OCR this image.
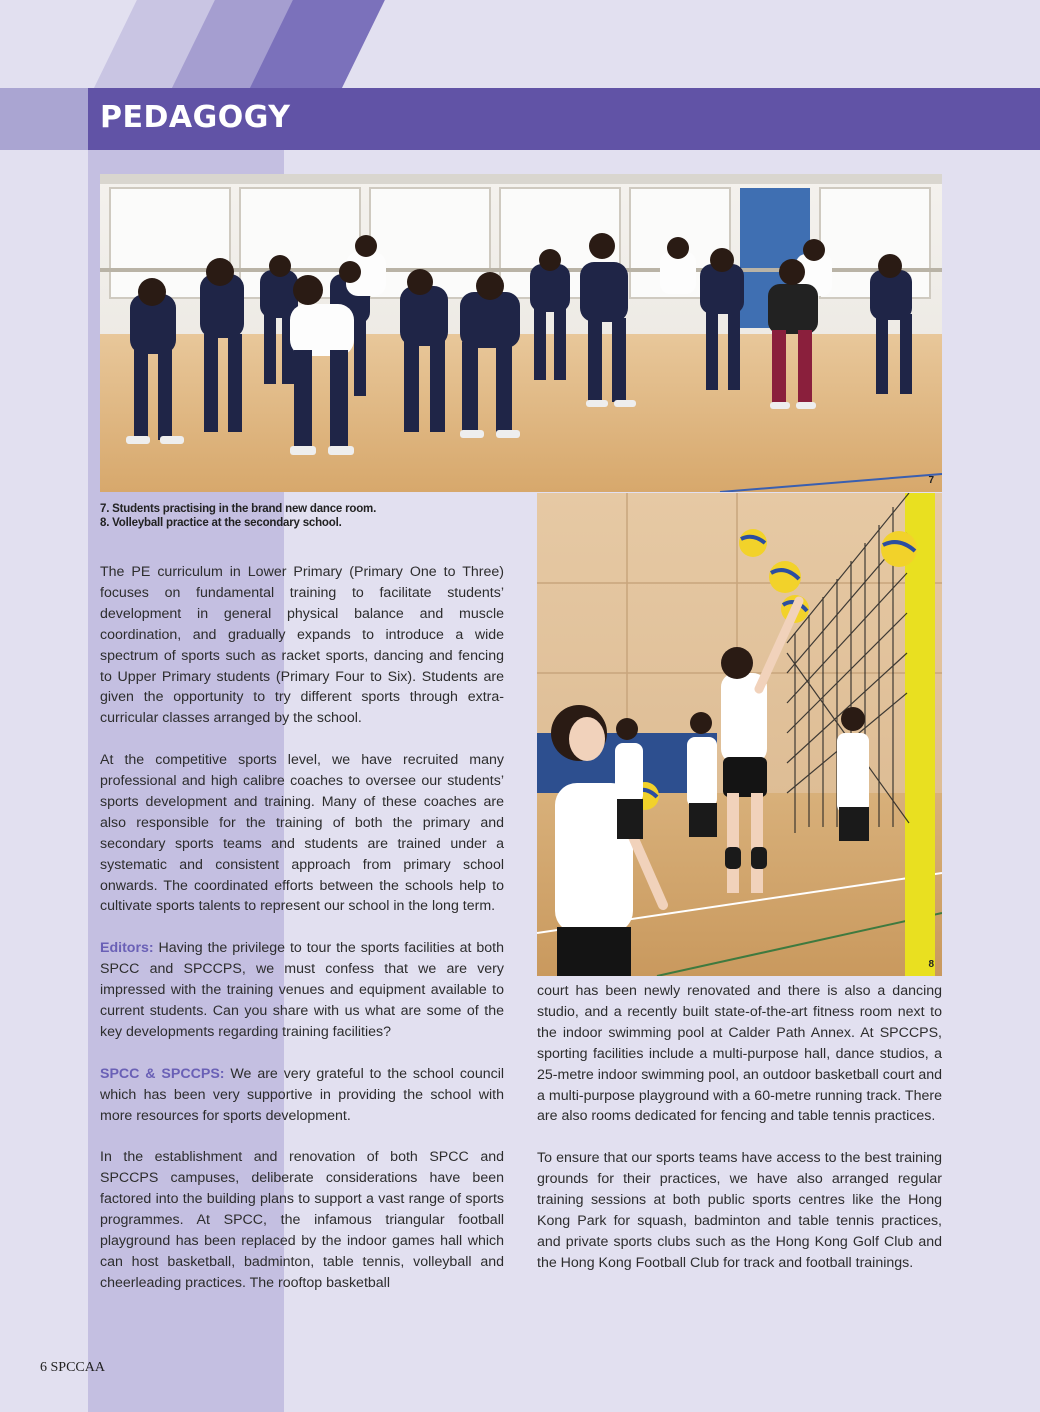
PEDAGOGY
7
8
7. Students practising in the brand new dance room.
8. Volleyball practice at the secondary school.

The PE curriculum in Lower Primary (Primary One to Three) focuses on fundamental training to facilitate students’ development in general physical balance and muscle coordination, and gradually expands to introduce a wide spectrum of sports such as racket sports, dancing and fencing to Upper Primary students (Primary Four to Six). Students are given the opportunity to try different sports through extra-curricular classes arranged by the school.

At the competitive sports level, we have recruited many professional and high calibre coaches to oversee our students’ sports development and training. Many of these coaches are also responsible for the training of both the primary and secondary sports teams and students are trained under a systematic and consistent approach from primary school onwards. The coordinated efforts between the schools help to cultivate sports talents to represent our school in the long term.

Editors: Having the privilege to tour the sports facilities at both SPCC and SPCCPS, we must confess that we are very impressed with the training venues and equipment available to current students. Can you share with us what are some of the key developments regarding training facilities?

SPCC & SPCCPS: We are very grateful to the school council which has been very supportive in providing the school with more resources for sports development.

In the establishment and renovation of both SPCC and SPCCPS campuses, deliberate considerations have been factored into the building plans to support a vast range of sports programmes. At SPCC, the infamous triangular football playground has been replaced by the indoor games hall which can host basketball, badminton, table tennis, volleyball and cheerleading practices. The rooftop basketball

court has been newly renovated and there is also a dancing studio, and a recently built state-of-the-art fitness room next to the indoor swimming pool at Calder Path Annex. At SPCCPS, sporting facilities include a multi-purpose hall, dance studios, a 25-metre indoor swimming pool, an outdoor basketball court and a multi-purpose playground with a 60-metre running track. There are also rooms dedicated for fencing and table tennis practices.

To ensure that our sports teams have access to the best training grounds for their practices, we have also arranged regular training sessions at both public sports centres like the Hong Kong Park for squash, badminton and table tennis practices, and private sports clubs such as the Hong Kong Golf Club and the Hong Kong Football Club for track and football trainings.

6 SPCCAA
